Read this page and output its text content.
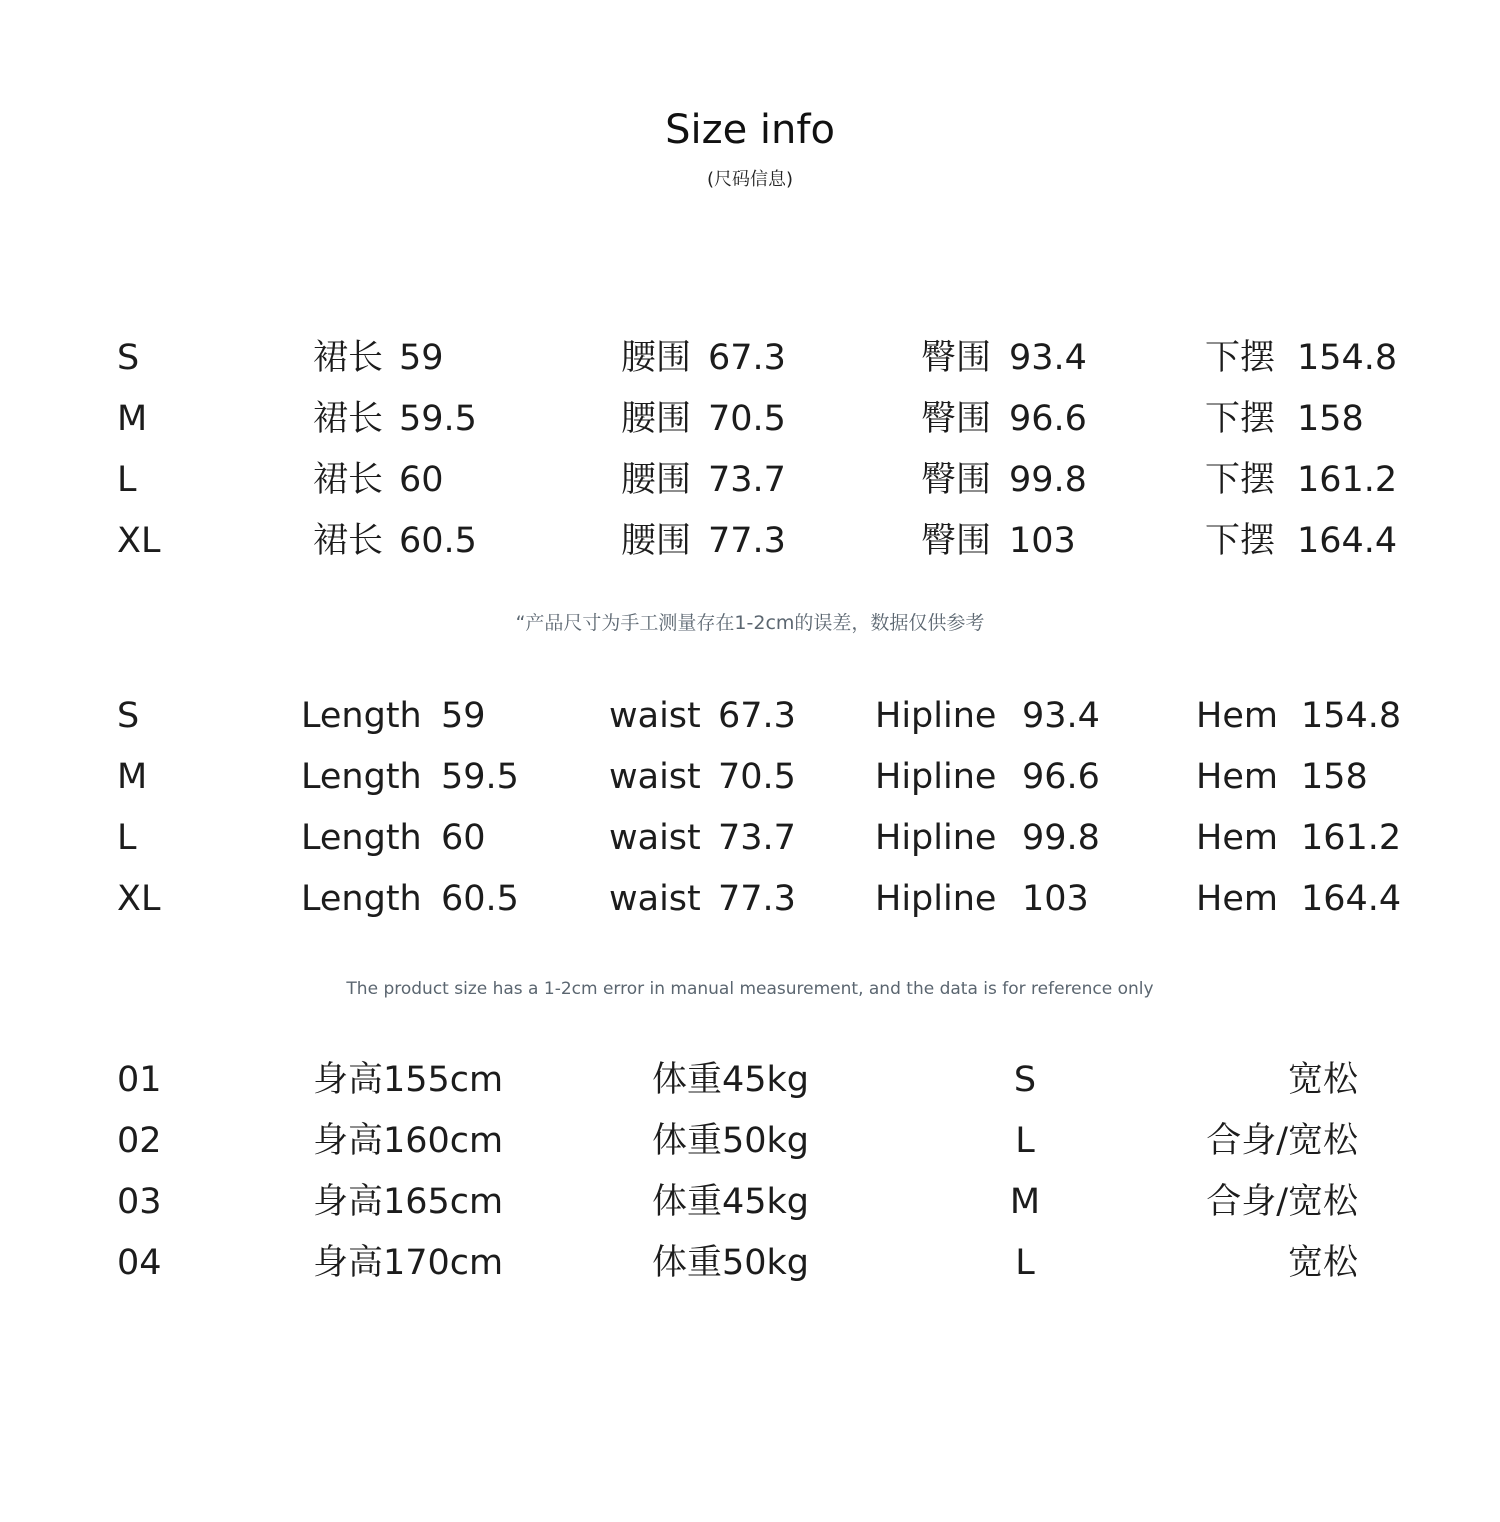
Size info
(尺码信息)
S	裙长 59	腰围 67.3	臀围 93.4	下摆 154.8
M	裙长 59.5	腰围 70.5	臀围 96.6	下摆 158
L	裙长 60	腰围 73.7	臀围 99.8	下摆 161.2
XL	裙长 60.5	腰围 77.3	臀围 103	下摆 164.4
“产品尺寸为手工测量存在1-2cm的误差，数据仅供参考
S	Length 59	waist 67.3 Hipline 93.4	Hem 154.8
M	Length 59.5	waist 70.5 Hipline 96.6	Hem 158
L	Length 60	waist 73.7 Hipline 99.8	Hem 161.2
XL	Length 60.5	waist 77.3 Hipline 103	Hem 164.4
The product size has a 1-2cm error in manual measurement, and the data is for reference only
01	身高155cm	体重45kg	S	宽松
02	身高160cm	体重50kg	L	合身/宽松
03	身高165cm	体重45kg	M	合身/宽松
04	身高170cm	体重50kg	L	宽松
